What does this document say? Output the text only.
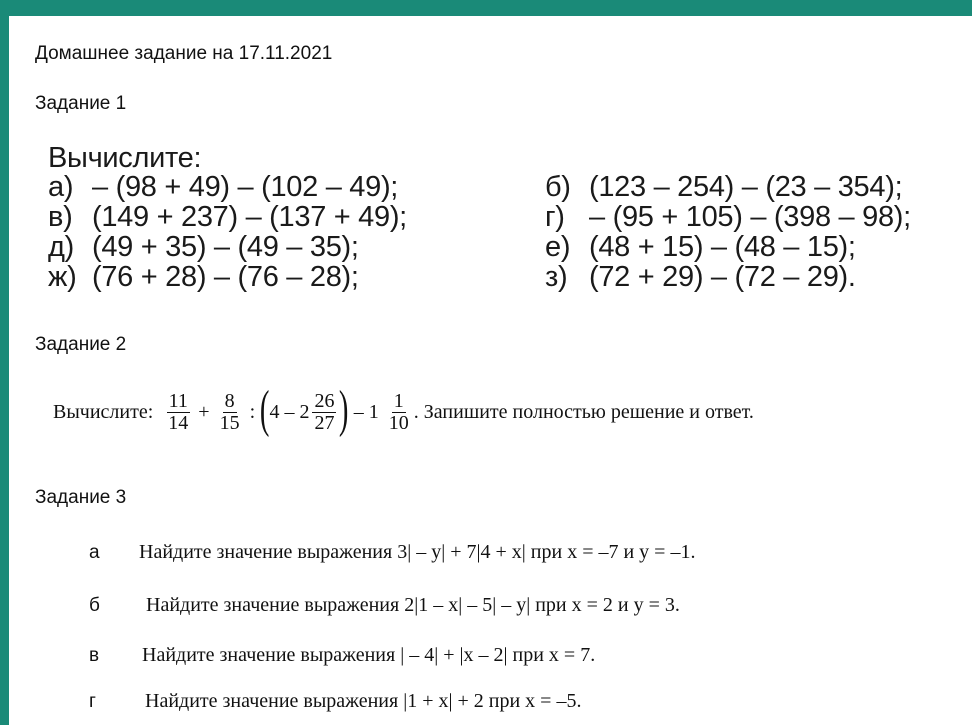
Домашнее задание на 17.11.2021
Задание 1
Вычислите:
а) – (98 + 49) – (102 – 49);	б) (123 – 254) – (23 – 354);
в) (149 + 237) – (137 + 49);	г) – (95 + 105) – (398 – 98);
д) (49 + 35) – (49 – 35);	е) (48 + 15) – (48 – 15);
ж) (76 + 28) – (76 – 28);	з) (72 + 29) – (72 – 29).
Задание 2
Вычислите: $\frac{11}{14} + \frac{8}{15}$ : ( $4 - 2 \frac{26}{27}$ ) – $1 \frac{1}{10}$ . Запишите полностью решение и ответ.
Задание 3
а	Найдите значение выражения 3| – y| + 7|4 + x| при x = –7 и y = –1.
б	Найдите значение выражения 2|1 – x| – 5| – y| при x = 2 и y = 3.
в	Найдите значение выражения | – 4| + |x – 2| при x = 7.
г	Найдите значение выражения |1 + x| + 2 при x = –5.
